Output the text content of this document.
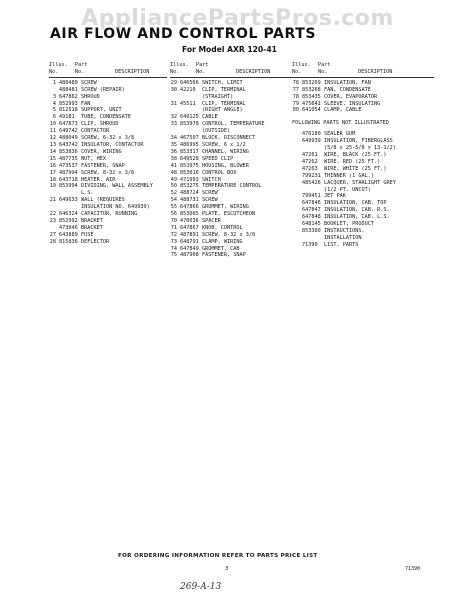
AppliancePartsPros.com
AIR FLOW AND CONTROL PARTS
For Model AXR 120-41
Illus.	Part
No.	No.	DESCRIPTION
1 488480 SCREW
488481 SCREW (REPAIR)
3 647862 SHROUD
4 852993 FAN
5 812518 SUPPORT, UNIT
6 49181	TUBE, CONDENSATE
10 647873 CLIP, SHROUD
11 649742 CONTACTOR
12 488049 SCREW, 6-32 x 3/8
13 643742 INSULATOR, CONTACTOR
14 853836 COVER, WIRING
15 487735 NUT, HEX
16 473537 FASTENER, SNAP
17 487994 SCREW, 8-32 x 3/8
18 643718 HEATER, AIR
19 853994 DIVIDING, WALL ASSEMBLY
L.S.
21 649633 WALL (REQUIRES
INSULATION NO. 649939)
22 646324 CAPACITOR, RUNNING
23 852992 BRACKET
473946 BRACKET
27 643889 FUSE
28 815836 DEFLECTOR
Illus.	Part
No.	No.	DESCRIPTION
29 646566 SWITCH, LIMIT
30 42210	CLIP, TERMINAL
(STRAIGHT)
31 45511	CLIP, TERMINAL
(RIGHT ANGLE)
32 649125 CABLE
33 853978 CONTROL, TEMPERATURE
(OUTSIDE)
34 467507 BLOCK, DISCONNECT
35 486995 SCREW, 6 x 1/2
36 853317 CHANNEL, WIRING
38 649528 SPEED CLIP
41 853975 HOUSING, BLOWER
48 853016 CONTROL BOX
49 471993 SWITCH
50 853275 TEMPERATURE CONTROL
52 488724 SCREW
54 488731 SCREW
55 647866 GROMMET, WIRING
56 853085 PLATE, ESCUTCHEON
70 470036 SPACER
71 647867 KNOB, CONTROL
72 487891 SCREW, 8-32 x 3/8
73 648791 CLAMP, WIRING
74 647849 GROMMET, CAB
75 487908 FASTENER, SNAP
Illus.	Part
No.	No.	DESCRIPTION
76 853269 INSULATION, FAN
77 853268 FAN, CONDENSATE
78 853435 COVER, EVAPORATOR
79 475641 SLEEVE, INSULATING
80 641054 CLAMP, CABLE
FOLLOWING PARTS NOT ILLUSTRATED
470180 SEALER GUM
649939 INSULATION, FIBERGLASS
(5/8 x 25-5/8 x 13-1/2)
47261	WIRE, BLACK (25 FT.)
47262	WIRE, RED (25 FT.)
47263	WIRE, WHITE (25 FT.)
799231 THINNER (1 GAL.)
485426 LACQUER, STARLIGHT GREY
(1/2 PT. UNCUT)
799451 JET PAK
647846 INSULATION, CAB. TOP
647847 INSULATION, CAB. R.S.
647848 INSULATION, CAB. L.S.
648145 BOOKLET, PRODUCT
853380 INSTRUCTIONS,
INSTALLATION
71390	LIST, PARTS

FOR ORDERING INFORMATION REFER TO PARTS PRICE LIST

3	71390
269-A-13
